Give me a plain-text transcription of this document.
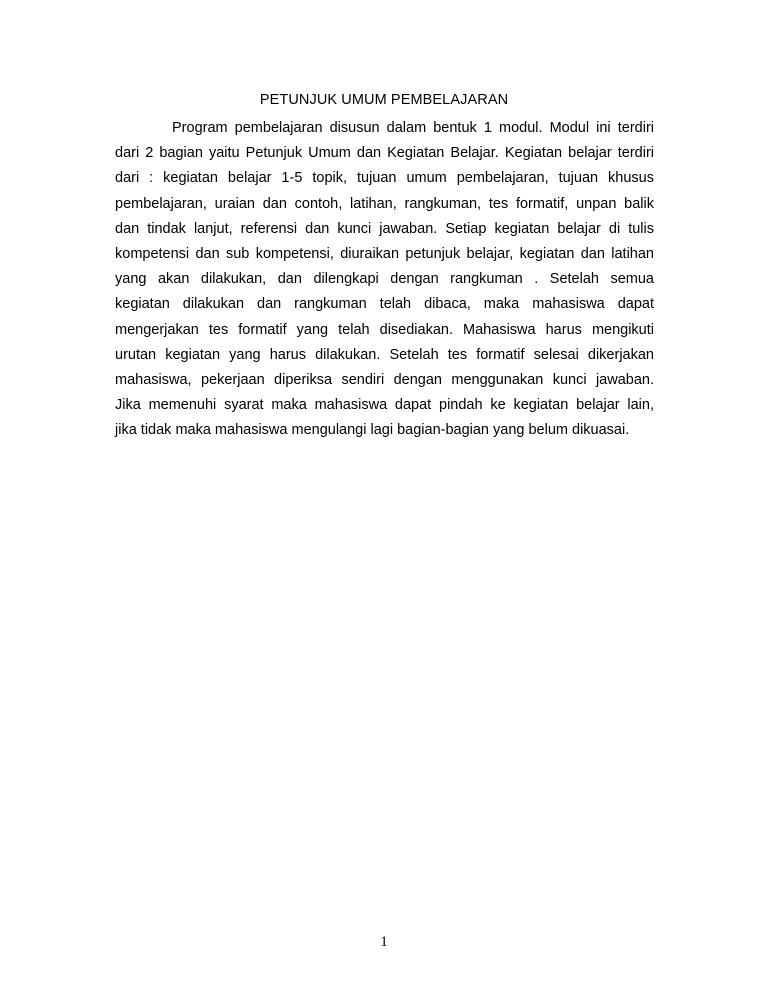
PETUNJUK UMUM PEMBELAJARAN
Program pembelajaran disusun dalam bentuk 1 modul. Modul ini terdiri
dari 2 bagian yaitu Petunjuk Umum dan Kegiatan Belajar. Kegiatan belajar terdiri
dari : kegiatan belajar 1-5 topik, tujuan umum pembelajaran, tujuan khusus
pembelajaran, uraian dan contoh, latihan, rangkuman, tes formatif, unpan balik
dan tindak lanjut, referensi dan kunci jawaban. Setiap kegiatan belajar di tulis
kompetensi dan sub kompetensi, diuraikan petunjuk belajar, kegiatan dan latihan
yang akan dilakukan, dan dilengkapi dengan rangkuman . Setelah semua
kegiatan dilakukan dan rangkuman telah dibaca, maka mahasiswa dapat
mengerjakan tes formatif yang telah disediakan. Mahasiswa harus mengikuti
urutan kegiatan yang harus dilakukan. Setelah tes formatif selesai dikerjakan
mahasiswa, pekerjaan diperiksa sendiri dengan menggunakan kunci jawaban.
Jika memenuhi syarat maka mahasiswa dapat pindah ke kegiatan belajar lain,
jika tidak maka mahasiswa mengulangi lagi bagian-bagian yang belum dikuasai.
1
